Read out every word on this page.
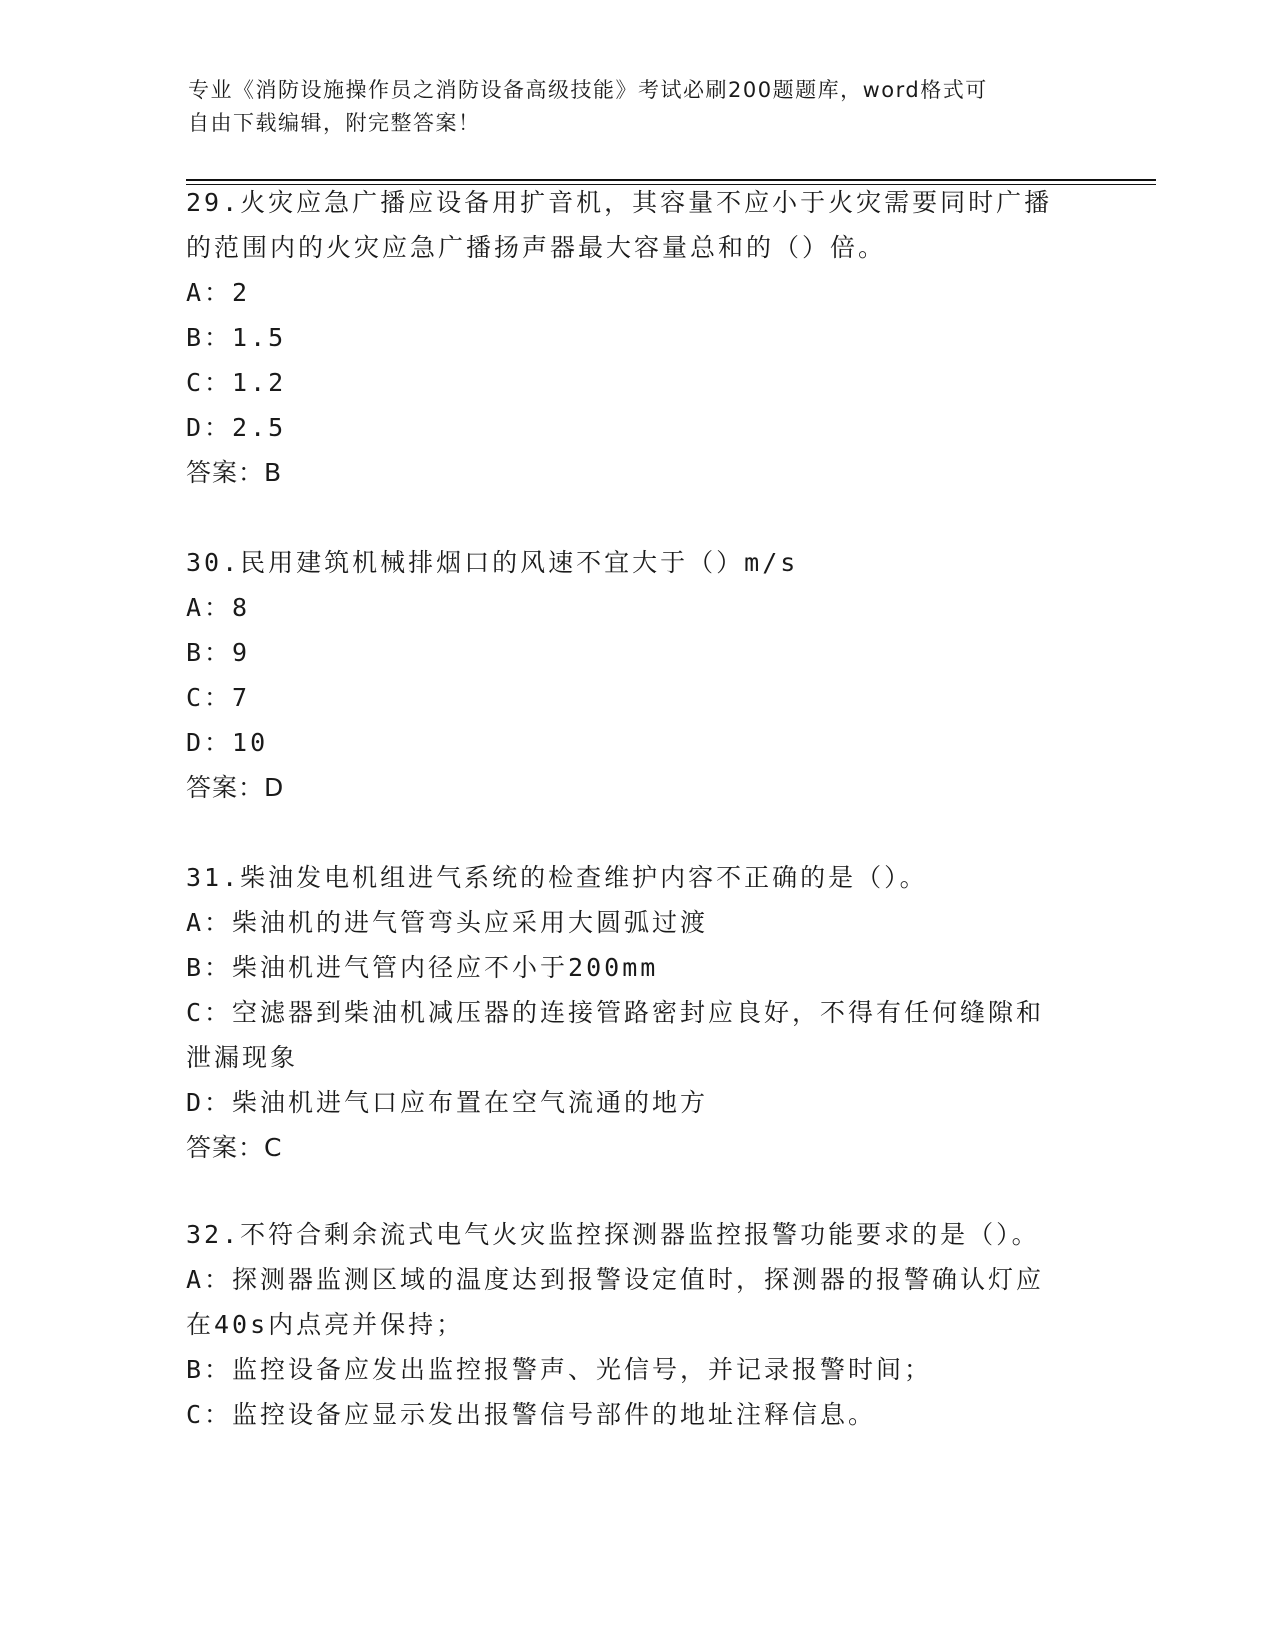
专业《消防设施操作员之消防设备高级技能》考试必刷200题题库，word格式可
自由下载编辑，附完整答案！
29.火灾应急广播应设备用扩音机，其容量不应小于火灾需要同时广播
的范围内的火灾应急广播扬声器最大容量总和的（）倍。
A：2
B：1.5
C：1.2
D：2.5
答案：B
30.民用建筑机械排烟口的风速不宜大于（）m/s
A：8
B：9
C：7
D：10
答案：D
31.柴油发电机组进气系统的检查维护内容不正确的是（）。
A：柴油机的进气管弯头应采用大圆弧过渡
B：柴油机进气管内径应不小于200mm
C：空滤器到柴油机减压器的连接管路密封应良好，不得有任何缝隙和
泄漏现象
D：柴油机进气口应布置在空气流通的地方
答案：C
32.不符合剩余流式电气火灾监控探测器监控报警功能要求的是（）。
A：探测器监测区域的温度达到报警设定值时，探测器的报警确认灯应
在40s内点亮并保持；
B：监控设备应发出监控报警声、光信号，并记录报警时间；
C：监控设备应显示发出报警信号部件的地址注释信息。
